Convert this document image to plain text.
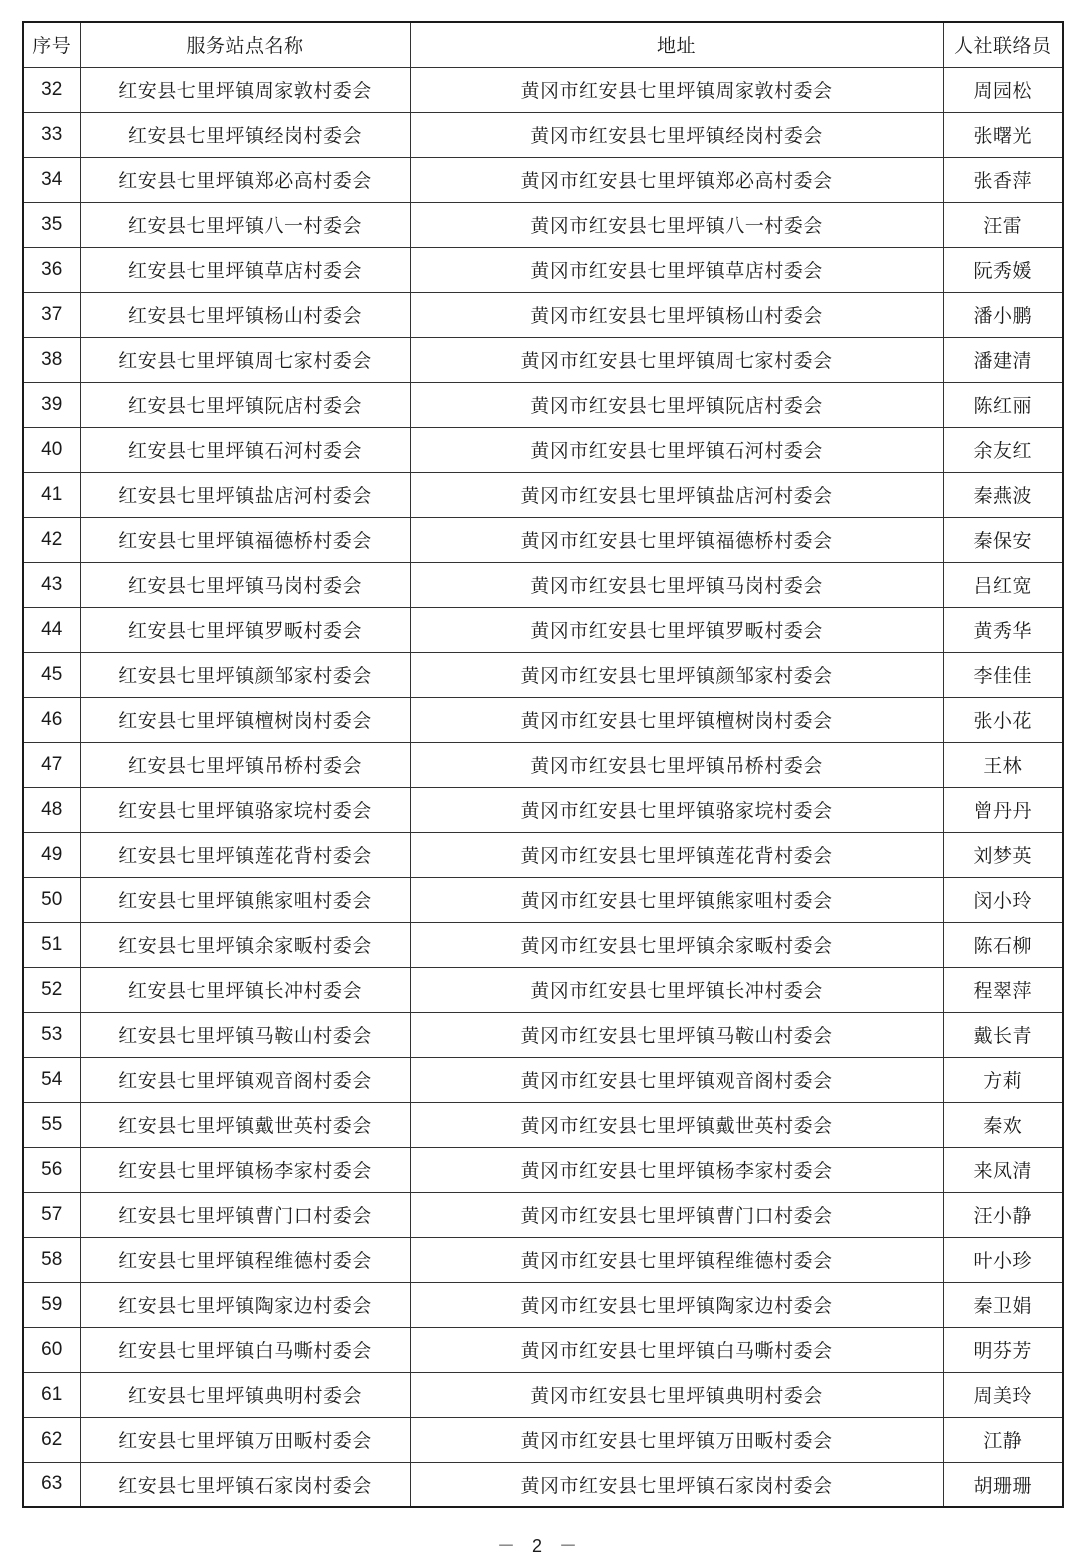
序号	服务站点名称	地址	人社联络员
32	红安县七里坪镇周家敦村委会	黄冈市红安县七里坪镇周家敦村委会	周园松
33	红安县七里坪镇经岗村委会	黄冈市红安县七里坪镇经岗村委会	张曙光
34	红安县七里坪镇郑必高村委会	黄冈市红安县七里坪镇郑必高村委会	张香萍
35	红安县七里坪镇八一村委会	黄冈市红安县七里坪镇八一村委会	汪雷
36	红安县七里坪镇草店村委会	黄冈市红安县七里坪镇草店村委会	阮秀媛
37	红安县七里坪镇杨山村委会	黄冈市红安县七里坪镇杨山村委会	潘小鹏
38	红安县七里坪镇周七家村委会	黄冈市红安县七里坪镇周七家村委会	潘建清
39	红安县七里坪镇阮店村委会	黄冈市红安县七里坪镇阮店村委会	陈红丽
40	红安县七里坪镇石河村委会	黄冈市红安县七里坪镇石河村委会	余友红
41	红安县七里坪镇盐店河村委会	黄冈市红安县七里坪镇盐店河村委会	秦燕波
42	红安县七里坪镇福德桥村委会	黄冈市红安县七里坪镇福德桥村委会	秦保安
43	红安县七里坪镇马岗村委会	黄冈市红安县七里坪镇马岗村委会	吕红宽
44	红安县七里坪镇罗畈村委会	黄冈市红安县七里坪镇罗畈村委会	黄秀华
45	红安县七里坪镇颜邹家村委会	黄冈市红安县七里坪镇颜邹家村委会	李佳佳
46	红安县七里坪镇檀树岗村委会	黄冈市红安县七里坪镇檀树岗村委会	张小花
47	红安县七里坪镇吊桥村委会	黄冈市红安县七里坪镇吊桥村委会	王林
48	红安县七里坪镇骆家垸村委会	黄冈市红安县七里坪镇骆家垸村委会	曾丹丹
49	红安县七里坪镇莲花背村委会	黄冈市红安县七里坪镇莲花背村委会	刘梦英
50	红安县七里坪镇熊家咀村委会	黄冈市红安县七里坪镇熊家咀村委会	闵小玲
51	红安县七里坪镇余家畈村委会	黄冈市红安县七里坪镇余家畈村委会	陈石柳
52	红安县七里坪镇长冲村委会	黄冈市红安县七里坪镇长冲村委会	程翠萍
53	红安县七里坪镇马鞍山村委会	黄冈市红安县七里坪镇马鞍山村委会	戴长青
54	红安县七里坪镇观音阁村委会	黄冈市红安县七里坪镇观音阁村委会	方莉
55	红安县七里坪镇戴世英村委会	黄冈市红安县七里坪镇戴世英村委会	秦欢
56	红安县七里坪镇杨李家村委会	黄冈市红安县七里坪镇杨李家村委会	来凤清
57	红安县七里坪镇曹门口村委会	黄冈市红安县七里坪镇曹门口村委会	汪小静
58	红安县七里坪镇程维德村委会	黄冈市红安县七里坪镇程维德村委会	叶小珍
59	红安县七里坪镇陶家边村委会	黄冈市红安县七里坪镇陶家边村委会	秦卫娟
60	红安县七里坪镇白马嘶村委会	黄冈市红安县七里坪镇白马嘶村委会	明芬芳
61	红安县七里坪镇典明村委会	黄冈市红安县七里坪镇典明村委会	周美玲
62	红安县七里坪镇万田畈村委会	黄冈市红安县七里坪镇万田畈村委会	江静
63	红安县七里坪镇石家岗村委会	黄冈市红安县七里坪镇石家岗村委会	胡珊珊
－ 2 －
